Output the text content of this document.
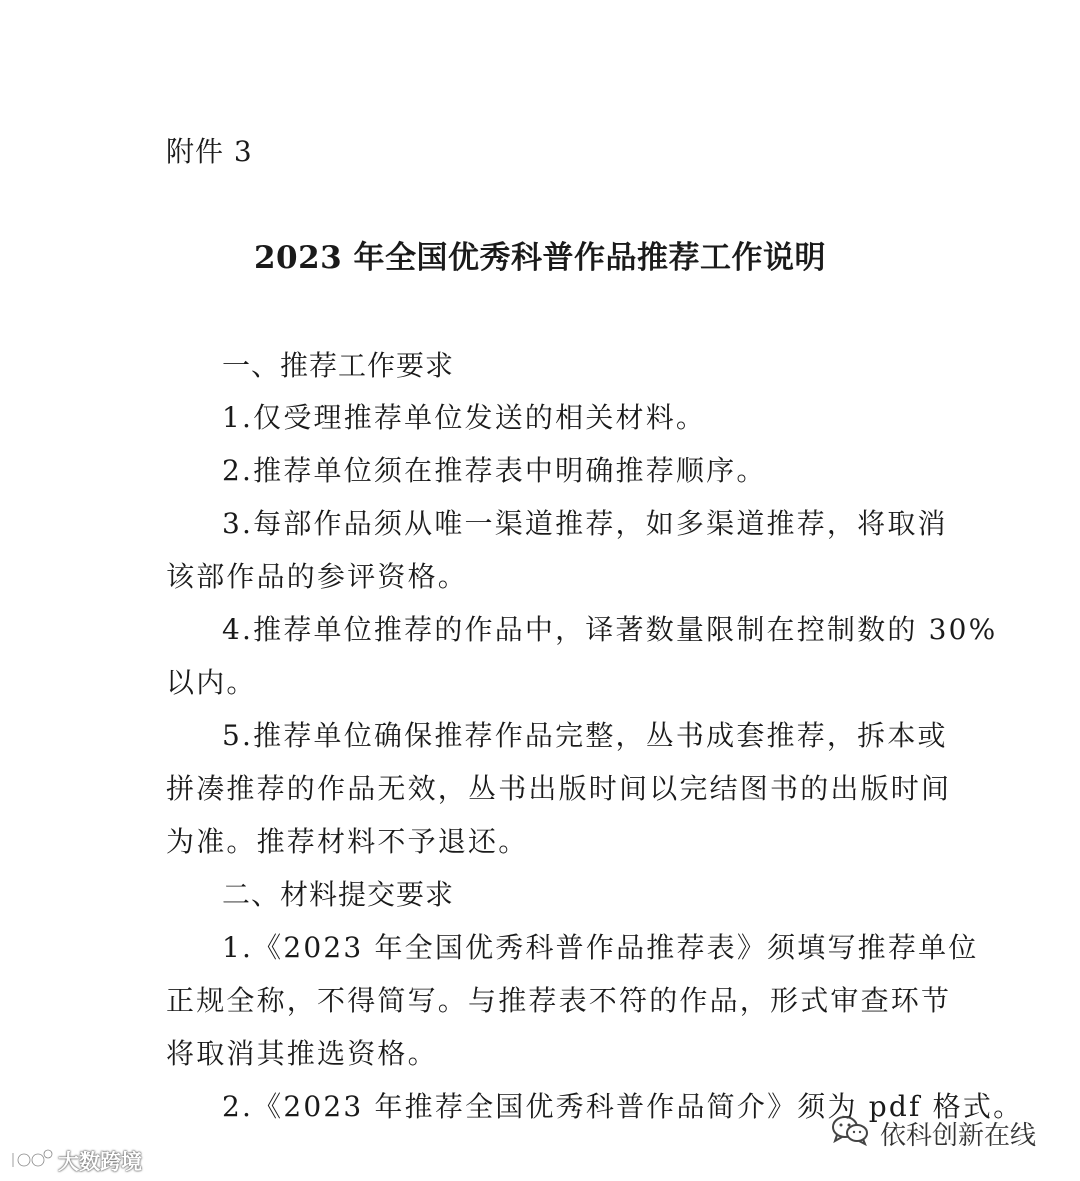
附件 3
2023 年全国优秀科普作品推荐工作说明
一、推荐工作要求
1.仅受理推荐单位发送的相关材料。
2.推荐单位须在推荐表中明确推荐顺序。
3.每部作品须从唯一渠道推荐，如多渠道推荐，将取消
该部作品的参评资格。
4.推荐单位推荐的作品中，译著数量限制在控制数的 30%
以内。
5.推荐单位确保推荐作品完整，丛书成套推荐，拆本或
拼凑推荐的作品无效，丛书出版时间以完结图书的出版时间
为准。推荐材料不予退还。
二、材料提交要求
1.《2023 年全国优秀科普作品推荐表》须填写推荐单位
正规全称，不得简写。与推荐表不符的作品，形式审查环节
将取消其推选资格。
2.《2023 年推荐全国优秀科普作品简介》须为 pdf 格式。
大数跨境
依科创新在线
